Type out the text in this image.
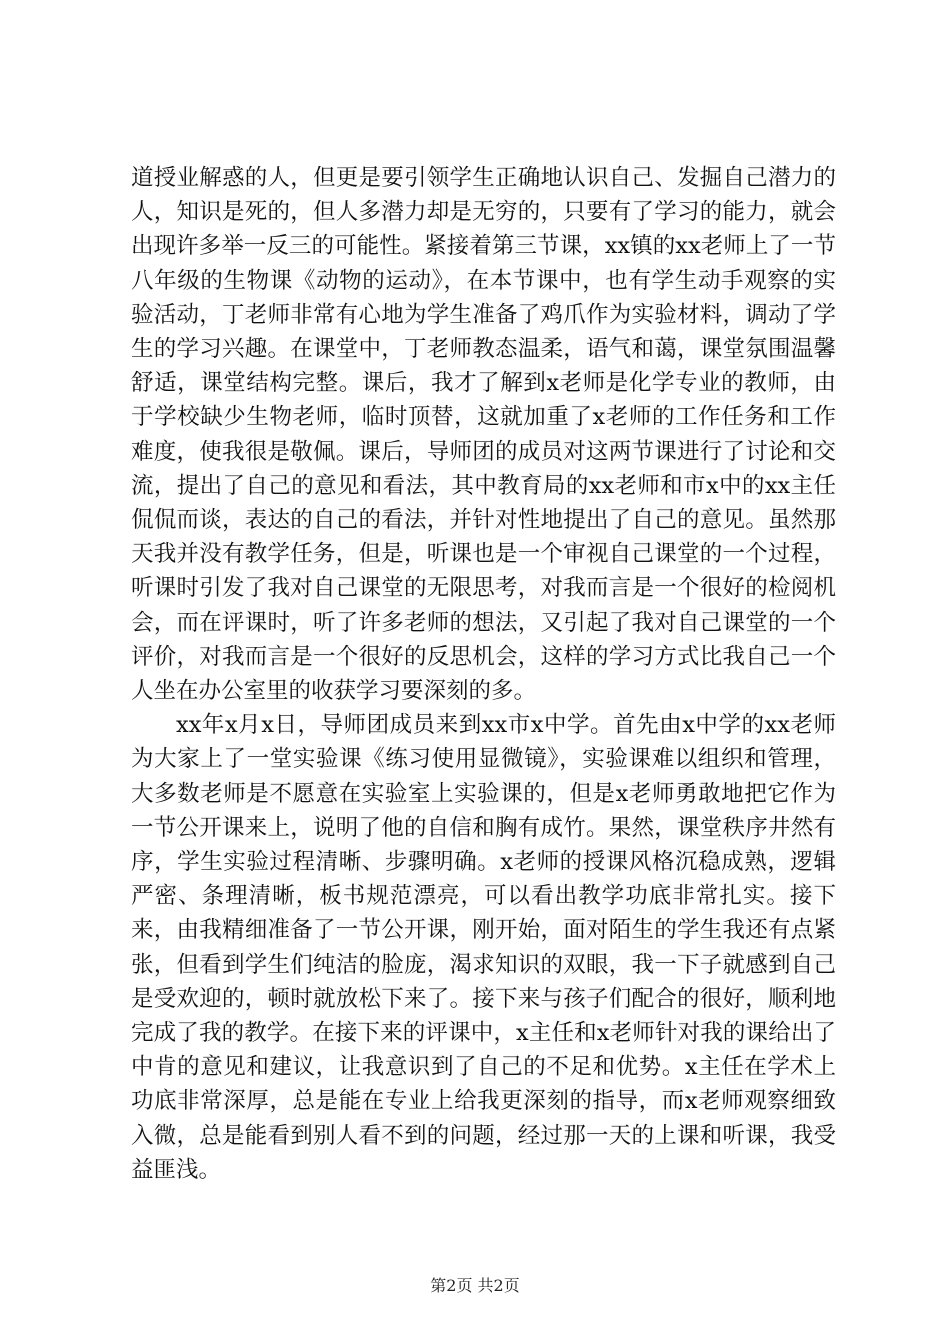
道授业解惑的人，但更是要引领学生正确地认识自己、发掘自己潜力的人，知识是死的，但人多潜力却是无穷的，只要有了学习的能力，就会出现许多举一反三的可能性。紧接着第三节课，xx镇的xx老师上了一节八年级的生物课《动物的运动》，在本节课中，也有学生动手观察的实验活动，丁老师非常有心地为学生准备了鸡爪作为实验材料，调动了学生的学习兴趣。在课堂中，丁老师教态温柔，语气和蔼，课堂氛围温馨舒适，课堂结构完整。课后，我才了解到x老师是化学专业的教师，由于学校缺少生物老师，临时顶替，这就加重了x老师的工作任务和工作难度，使我很是敬佩。课后，导师团的成员对这两节课进行了讨论和交流，提出了自己的意见和看法，其中教育局的xx老师和市x中的xx主任侃侃而谈，表达的自己的看法，并针对性地提出了自己的意见。虽然那天我并没有教学任务，但是，听课也是一个审视自己课堂的一个过程，听课时引发了我对自己课堂的无限思考，对我而言是一个很好的检阅机会，而在评课时，听了许多老师的想法，又引起了我对自己课堂的一个评价，对我而言是一个很好的反思机会，这样的学习方式比我自己一个人坐在办公室里的收获学习要深刻的多。

xx年x月x日，导师团成员来到xx市x中学。首先由x中学的xx老师为大家上了一堂实验课《练习使用显微镜》，实验课难以组织和管理，大多数老师是不愿意在实验室上实验课的，但是x老师勇敢地把它作为一节公开课来上，说明了他的自信和胸有成竹。果然，课堂秩序井然有序，学生实验过程清晰、步骤明确。x老师的授课风格沉稳成熟，逻辑严密、条理清晰，板书规范漂亮，可以看出教学功底非常扎实。接下来，由我精细准备了一节公开课，刚开始，面对陌生的学生我还有点紧张，但看到学生们纯洁的脸庞，渴求知识的双眼，我一下子就感到自己是受欢迎的，顿时就放松下来了。接下来与孩子们配合的很好，顺利地完成了我的教学。在接下来的评课中，x主任和x老师针对我的课给出了中肯的意见和建议，让我意识到了自己的不足和优势。x主任在学术上功底非常深厚，总是能在专业上给我更深刻的指导，而x老师观察细致入微，总是能看到别人看不到的问题，经过那一天的上课和听课，我受益匪浅。

第2页 共2页
